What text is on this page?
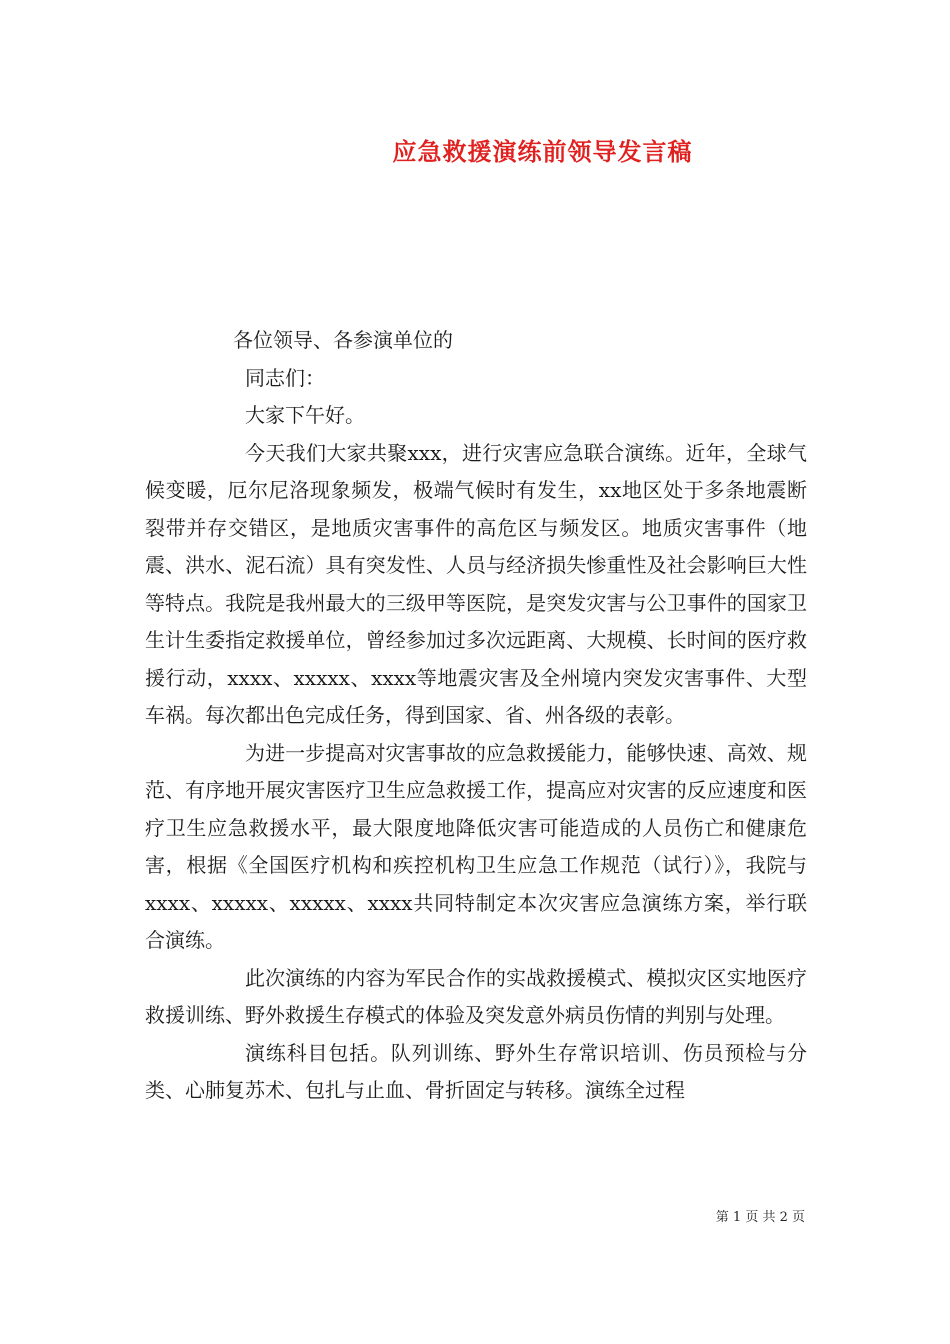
应急救援演练前领导发言稿

各位领导、各参演单位的

同志们：

大家下午好。

今天我们大家共聚xxx，进行灾害应急联合演练。近年，全球气候变暖，厄尔尼洛现象频发，极端气候时有发生，xx地区处于多条地震断裂带并存交错区，是地质灾害事件的高危区与频发区。地质灾害事件（地震、洪水、泥石流）具有突发性、人员与经济损失惨重性及社会影响巨大性等特点。我院是我州最大的三级甲等医院，是突发灾害与公卫事件的国家卫生计生委指定救援单位，曾经参加过多次远距离、大规模、长时间的医疗救援行动，xxxx、xxxxx、xxxx等地震灾害及全州境内突发灾害事件、大型车祸。每次都出色完成任务，得到国家、省、州各级的表彰。

为进一步提高对灾害事故的应急救援能力，能够快速、高效、规范、有序地开展灾害医疗卫生应急救援工作，提高应对灾害的反应速度和医疗卫生应急救援水平，最大限度地降低灾害可能造成的人员伤亡和健康危害，根据《全国医疗机构和疾控机构卫生应急工作规范（试行）》，我院与xxxx、xxxxx、xxxxx、xxxx共同特制定本次灾害应急演练方案，举行联合演练。

此次演练的内容为军民合作的实战救援模式、模拟灾区实地医疗救援训练、野外救援生存模式的体验及突发意外病员伤情的判别与处理。

演练科目包括。队列训练、野外生存常识培训、伤员预检与分类、心肺复苏术、包扎与止血、骨折固定与转移。演练全过程

第 1 页 共 2 页
